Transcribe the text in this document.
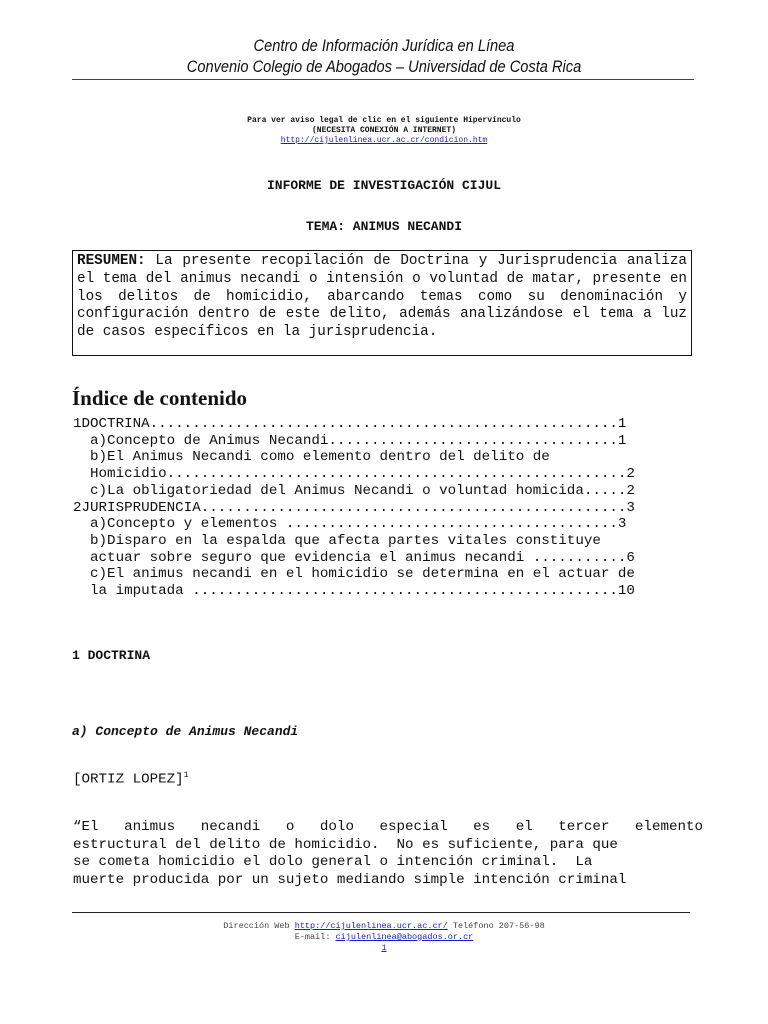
Centro de Información Jurídica en Línea
Convenio Colegio de Abogados – Universidad de Costa Rica
Para ver aviso legal de clic en el siguiente Hipervínculo
(NECESITA CONEXIÓN A INTERNET)
http://cijulenlinea.ucr.ac.cr/condicion.htm
INFORME DE INVESTIGACIÓN CIJUL
TEMA: ANIMUS NECANDI
RESUMEN: La presente recopilación de Doctrina y Jurisprudencia analiza el tema del animus necandi o intensión o voluntad de matar, presente en los delitos de homicidio, abarcando temas como su denominación y configuración dentro de este delito, además analizándose el tema a luz de casos específicos en la jurisprudencia.
Índice de contenido
1DOCTRINA.......................................................1
a)Concepto de Animus Necandi..................................1
b)El Animus Necandi como elemento dentro del delito de
Homicidio......................................................2
c)La obligatoriedad del Animus Necandi o voluntad homicida.....2
2JURISPRUDENCIA..................................................3
a)Concepto y elementos .......................................3
b)Disparo en la espalda que afecta partes vitales constituye
actuar sobre seguro que evidencia el animus necandi ...........6
c)El animus necandi en el homicidio se determina en el actuar de
la imputada ..................................................10
1 DOCTRINA
a) Concepto de Animus Necandi
[ORTIZ LOPEZ]$^1$
“El   animus   necandi   o   dolo   especial   es   el   tercer   elemento
estructural del delito de homicidio.  No es suficiente, para que
se cometa homicidio el dolo general o intención criminal.  La
muerte producida por un sujeto mediando simple intención criminal
Dirección Web http://cijulenlinea.ucr.ac.cr/ Teléfono 207-56-98
E-mail: cijulenlinea@abogados.or.cr
1
